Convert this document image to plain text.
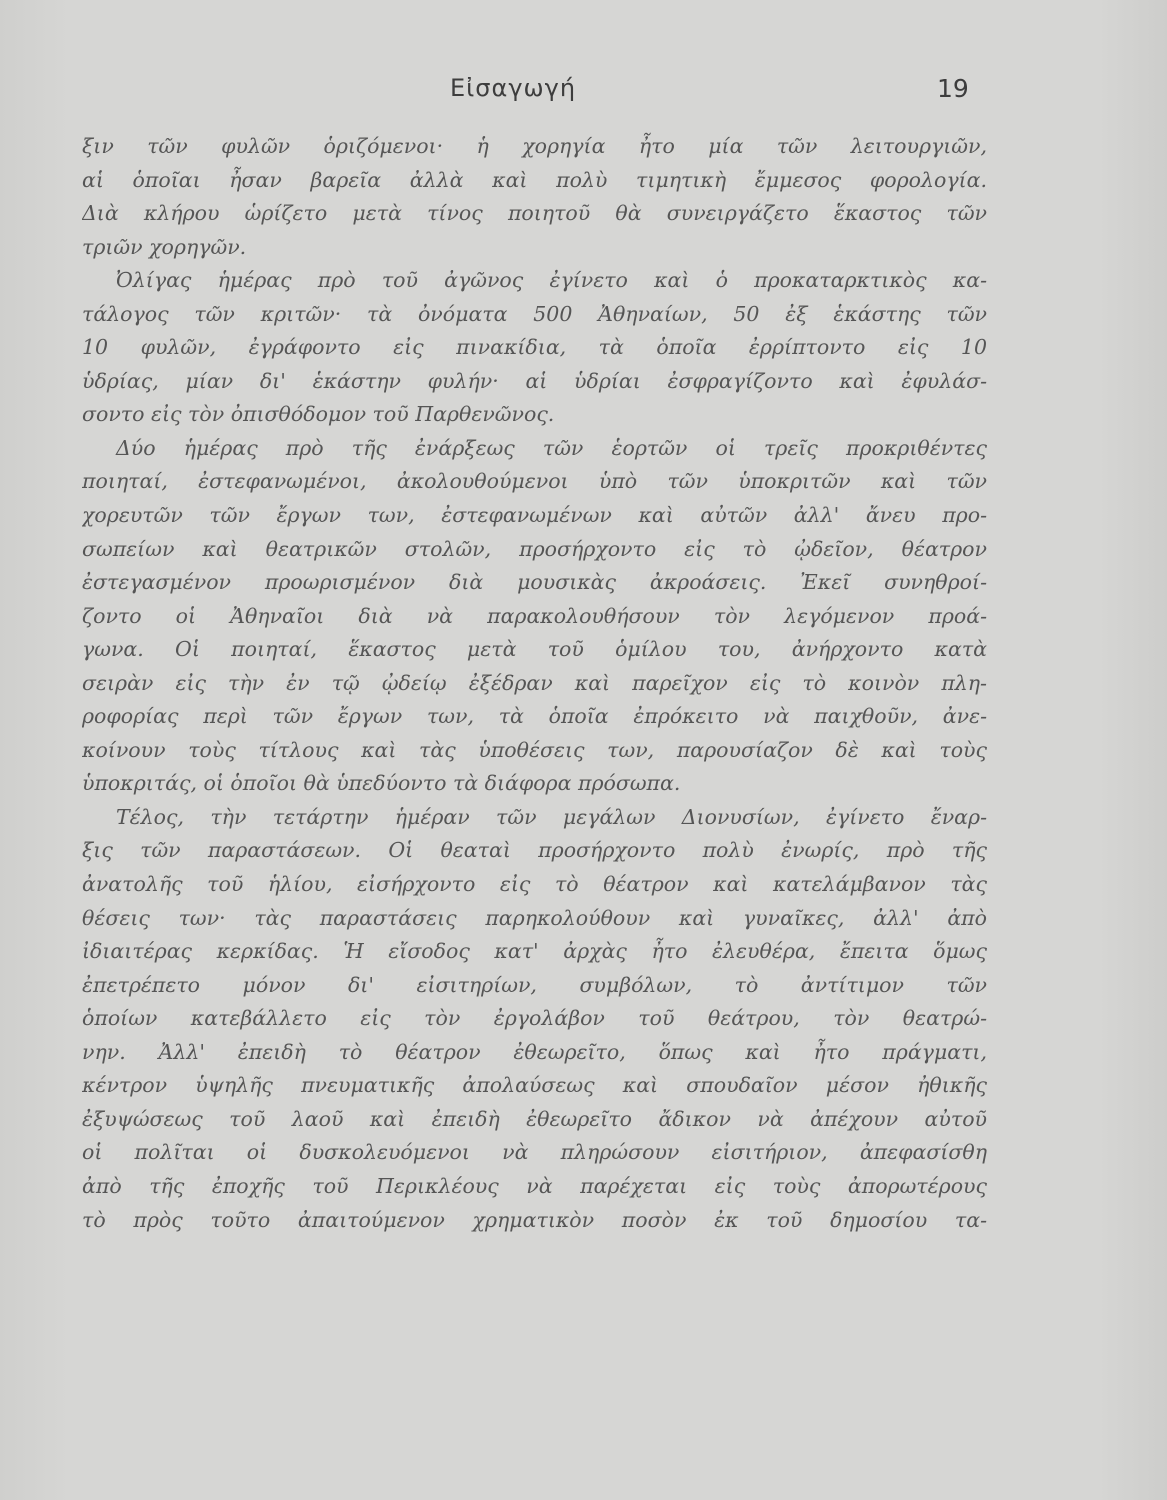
Εἰσαγωγή	19
ξιν τῶν φυλῶν ὁριζόμενοι· ἡ χορηγία ἦτο μία τῶν λειτουργιῶν,
αἱ ὁποῖαι ἦσαν βαρεῖα ἀλλὰ καὶ πολὺ τιμητικὴ ἔμμεσος φορολογία.
Διὰ κλήρου ὡρίζετο μετὰ τίνος ποιητοῦ θὰ συνειργάζετο ἕκαστος τῶν
τριῶν χορηγῶν.
Ὀλίγας ἡμέρας πρὸ τοῦ ἀγῶνος ἐγίνετο καὶ ὁ προκαταρκτικὸς κα-
τάλογος τῶν κριτῶν· τὰ ὀνόματα 500 Ἀθηναίων, 50 ἐξ ἑκάστης τῶν
10 φυλῶν, ἐγράφοντο εἰς πινακίδια, τὰ ὁποῖα ἐρρίπτοντο εἰς 10
ὑδρίας, μίαν δι' ἑκάστην φυλήν· αἱ ὑδρίαι ἐσφραγίζοντο καὶ ἐφυλάσ-
σοντο εἰς τὸν ὀπισθόδομον τοῦ Παρθενῶνος.
Δύο ἡμέρας πρὸ τῆς ἐνάρξεως τῶν ἑορτῶν οἱ τρεῖς προκριθέντες
ποιηταί, ἐστεφανωμένοι, ἀκολουθούμενοι ὑπὸ τῶν ὑποκριτῶν καὶ τῶν
χορευτῶν τῶν ἔργων των, ἐστεφανωμένων καὶ αὐτῶν ἀλλ' ἄνευ προ-
σωπείων καὶ θεατρικῶν στολῶν, προσήρχοντο εἰς τὸ ᾠδεῖον, θέατρον
ἐστεγασμένον προωρισμένον διὰ μουσικὰς ἀκροάσεις. Ἐκεῖ συνηθροί-
ζοντο οἱ Ἀθηναῖοι διὰ νὰ παρακολουθήσουν τὸν λεγόμενον προά-
γωνα. Οἱ ποιηταί, ἕκαστος μετὰ τοῦ ὁμίλου του, ἀνήρχοντο κατὰ
σειρὰν εἰς τὴν ἐν τῷ ᾠδείῳ ἐξέδραν καὶ παρεῖχον εἰς τὸ κοινὸν πλη-
ροφορίας περὶ τῶν ἔργων των, τὰ ὁποῖα ἐπρόκειτο νὰ παιχθοῦν, ἀνε-
κοίνουν τοὺς τίτλους καὶ τὰς ὑποθέσεις των, παρουσίαζον δὲ καὶ τοὺς
ὑποκριτάς, οἱ ὁποῖοι θὰ ὑπεδύοντο τὰ διάφορα πρόσωπα.
Τέλος, τὴν τετάρτην ἡμέραν τῶν μεγάλων Διονυσίων, ἐγίνετο ἔναρ-
ξις τῶν παραστάσεων. Οἱ θεαταὶ προσήρχοντο πολὺ ἐνωρίς, πρὸ τῆς
ἀνατολῆς τοῦ ἡλίου, εἰσήρχοντο εἰς τὸ θέατρον καὶ κατελάμβανον τὰς
θέσεις των· τὰς παραστάσεις παρηκολούθουν καὶ γυναῖκες, ἀλλ' ἀπὸ
ἰδιαιτέρας κερκίδας. Ἡ εἴσοδος κατ' ἀρχὰς ἦτο ἐλευθέρα, ἔπειτα ὅμως
ἐπετρέπετο μόνον δι' εἰσιτηρίων, συμβόλων, τὸ ἀντίτιμον τῶν
ὁποίων κατεβάλλετο εἰς τὸν ἐργολάβον τοῦ θεάτρου, τὸν θεατρώ-
νην. Ἀλλ' ἐπειδὴ τὸ θέατρον ἐθεωρεῖτο, ὅπως καὶ ἦτο πράγματι,
κέντρον ὑψηλῆς πνευματικῆς ἀπολαύσεως καὶ σπουδαῖον μέσον ἠθικῆς
ἐξυψώσεως τοῦ λαοῦ καὶ ἐπειδὴ ἐθεωρεῖτο ἄδικον νὰ ἀπέχουν αὐτοῦ
οἱ πολῖται οἱ δυσκολευόμενοι νὰ πληρώσουν εἰσιτήριον, ἀπεφασίσθη
ἀπὸ τῆς ἐποχῆς τοῦ Περικλέους νὰ παρέχεται εἰς τοὺς ἀπορωτέρους
τὸ πρὸς τοῦτο ἀπαιτούμενον χρηματικὸν ποσὸν ἐκ τοῦ δημοσίου τα-
